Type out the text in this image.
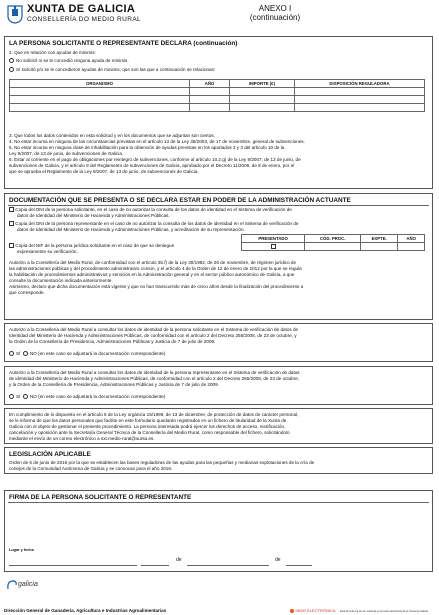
XUNTA DE GALICIA
CONSELLERÍA DO MEDIO RURAL
ANEXO I
(continuación)
LA PERSONA SOLICITANTE O REPRESENTANTE DECLARA (continuación)
2. Que en relación con ayudas de minimis:
No solicitó ni se le concedió ninguna ayuda de minimis.
Sí solicitó y/o se le concedieron ayudas de minimis, que son las que a continuación se relacionan:
ORGANISMO	AÑO	IMPORTE (€)	DISPOSICIÓN REGULADORA

3. Que todos los datos contenidos en esta solicitud y en los documentos que se adjuntan son ciertos.
4. No estar incursa en ninguna de las circunstancias previstas en el artículo 13 de la Ley 38/2003, de 17 de noviembre, general de subvenciones.
5. No estar incursa en ninguna clase de inhabilitación para la obtención de ayudas previstas en los apartados 2 y 3 del artículo 10 de la
Ley 9/2007, de 13 de junio, de subvenciones de Galicia.
6. Estar al corriente en el pago de obligaciones por reintegro de subvenciones, conforme al artículo 10.2.g) de la Ley 9/2007, de 13 de junio, de
subvenciones de Galicia, y el artículo 9 del Reglamento de subvenciones de Galicia, aprobado por el Decreto 11/2009, de 8 de enero, por el
que se aprueba el Reglamento de la Ley 9/2007, de 13 de junio, de subvenciones de Galicia.
DOCUMENTACIÓN QUE SE PRESENTA O SE DECLARA ESTAR EN PODER DE LA ADMINISTRACIÓN ACTUANTE
Copia del DNI de la persona solicitante, en el caso de no autorizar la consulta de los datos de identidad en el Sistema de verificación de
datos de Identidad del Ministerio de Hacienda y Administraciones Públicas.
Copia del DNI de la persona representante en el caso de no autorizar la consulta de los datos de identidad en el Sistema de verificación de
datos de Identidad del Ministerio de Hacienda y Administraciones Públicas, y acreditación de su representación.
PRESENTADO	CÓD. PROC.	EXPTE.	AÑO

Copia del NIF de la persona jurídica solicitante en el caso de que se deniegue
expresamente su verificación.
Autorizo a la Consellería del Medio Rural, de conformidad con el artículo 35.f) de la Ley 30/1992, de 26 de noviembre, de régimen jurídico de
las administraciones públicas y del procedimiento administrativo común, y el artículo 4 de la Orden de 12 de enero de 2012 por la que se regula
la habilitación de procedimientos administrativos y servicios en la Administración general y en el sector público autonómico de Galicia, a que
consulte la documentación indicada anteriormente.
Asimismo, declaro que dicha documentación está vigente y que no han transcurrido más de cinco años desde la finalización del procedimiento a
que corresponde.
Autorizo a la Consellería del Medio Rural a consultar los datos de identidad de la persona solicitante en el Sistema de verificación de datos de
Identidad del Ministerio de Hacienda y Administraciones Públicas, de conformidad con el artículo 2 del Decreto 255/2008, de 23 de octubre, y
la Orden de la Consellería de Presidencia, Administraciones Públicas y Justicia de 7 de julio de 2009.
SÍ NO (en este caso se adjuntará la documentación correspondiente)
Autorizo a la Consellería del Medio Rural a consultar los datos de identidad de la persona representante en el Sistema de verificación de datos
de identidad del Ministerio de Hacienda y Administraciones Públicas, de conformidad con el artículo 2 del Decreto 255/2008, de 23 de octubre,
y la Orden de la Consellería de Presidencia, Administraciones Públicas y Justicia de 7 de julio de 2009.
SÍ NO (en este caso se adjuntará la documentación correspondiente)
En cumplimiento de lo dispuesto en el artículo 5 de la Ley orgánica 15/1999, de 13 de diciembre, de protección de datos de carácter personal,
se le informa de que los datos personales que facilite en este formulario quedarán registrados en un fichero de titularidad de la Xunta de
Galicia con el objeto de gestionar el presente procedimiento. La persona interesada podrá ejercer los derechos de acceso, rectificación,
cancelación y oposición ante la Secretaría General Técnica de la Consellería del Medio Rural, como responsable del fichero, solicitándolo
mediante el envío de un correo electrónico a sxt.medio-rural@xunta.es.
LEGISLACIÓN APLICABLE
Orden de 6 de junio de 2016 por la que se establecen las bases reguladoras de las ayudas para las pequeñas y medianas explotaciones de la cría de
conejos de la Comunidad Autónoma de Galicia y se convocan para el año 2016.
FIRMA DE LA PERSONA SOLICITANTE O REPRESENTANTE
Lugar y fecha
de	de
galicia
Dirección General de Ganadería, Agricultura e Industrias Agroalimentarias	SEDE ELECTRÓNICA Esta fórmula ha de ser cubierta en la sede electrónica de la Xunta de Galicia
